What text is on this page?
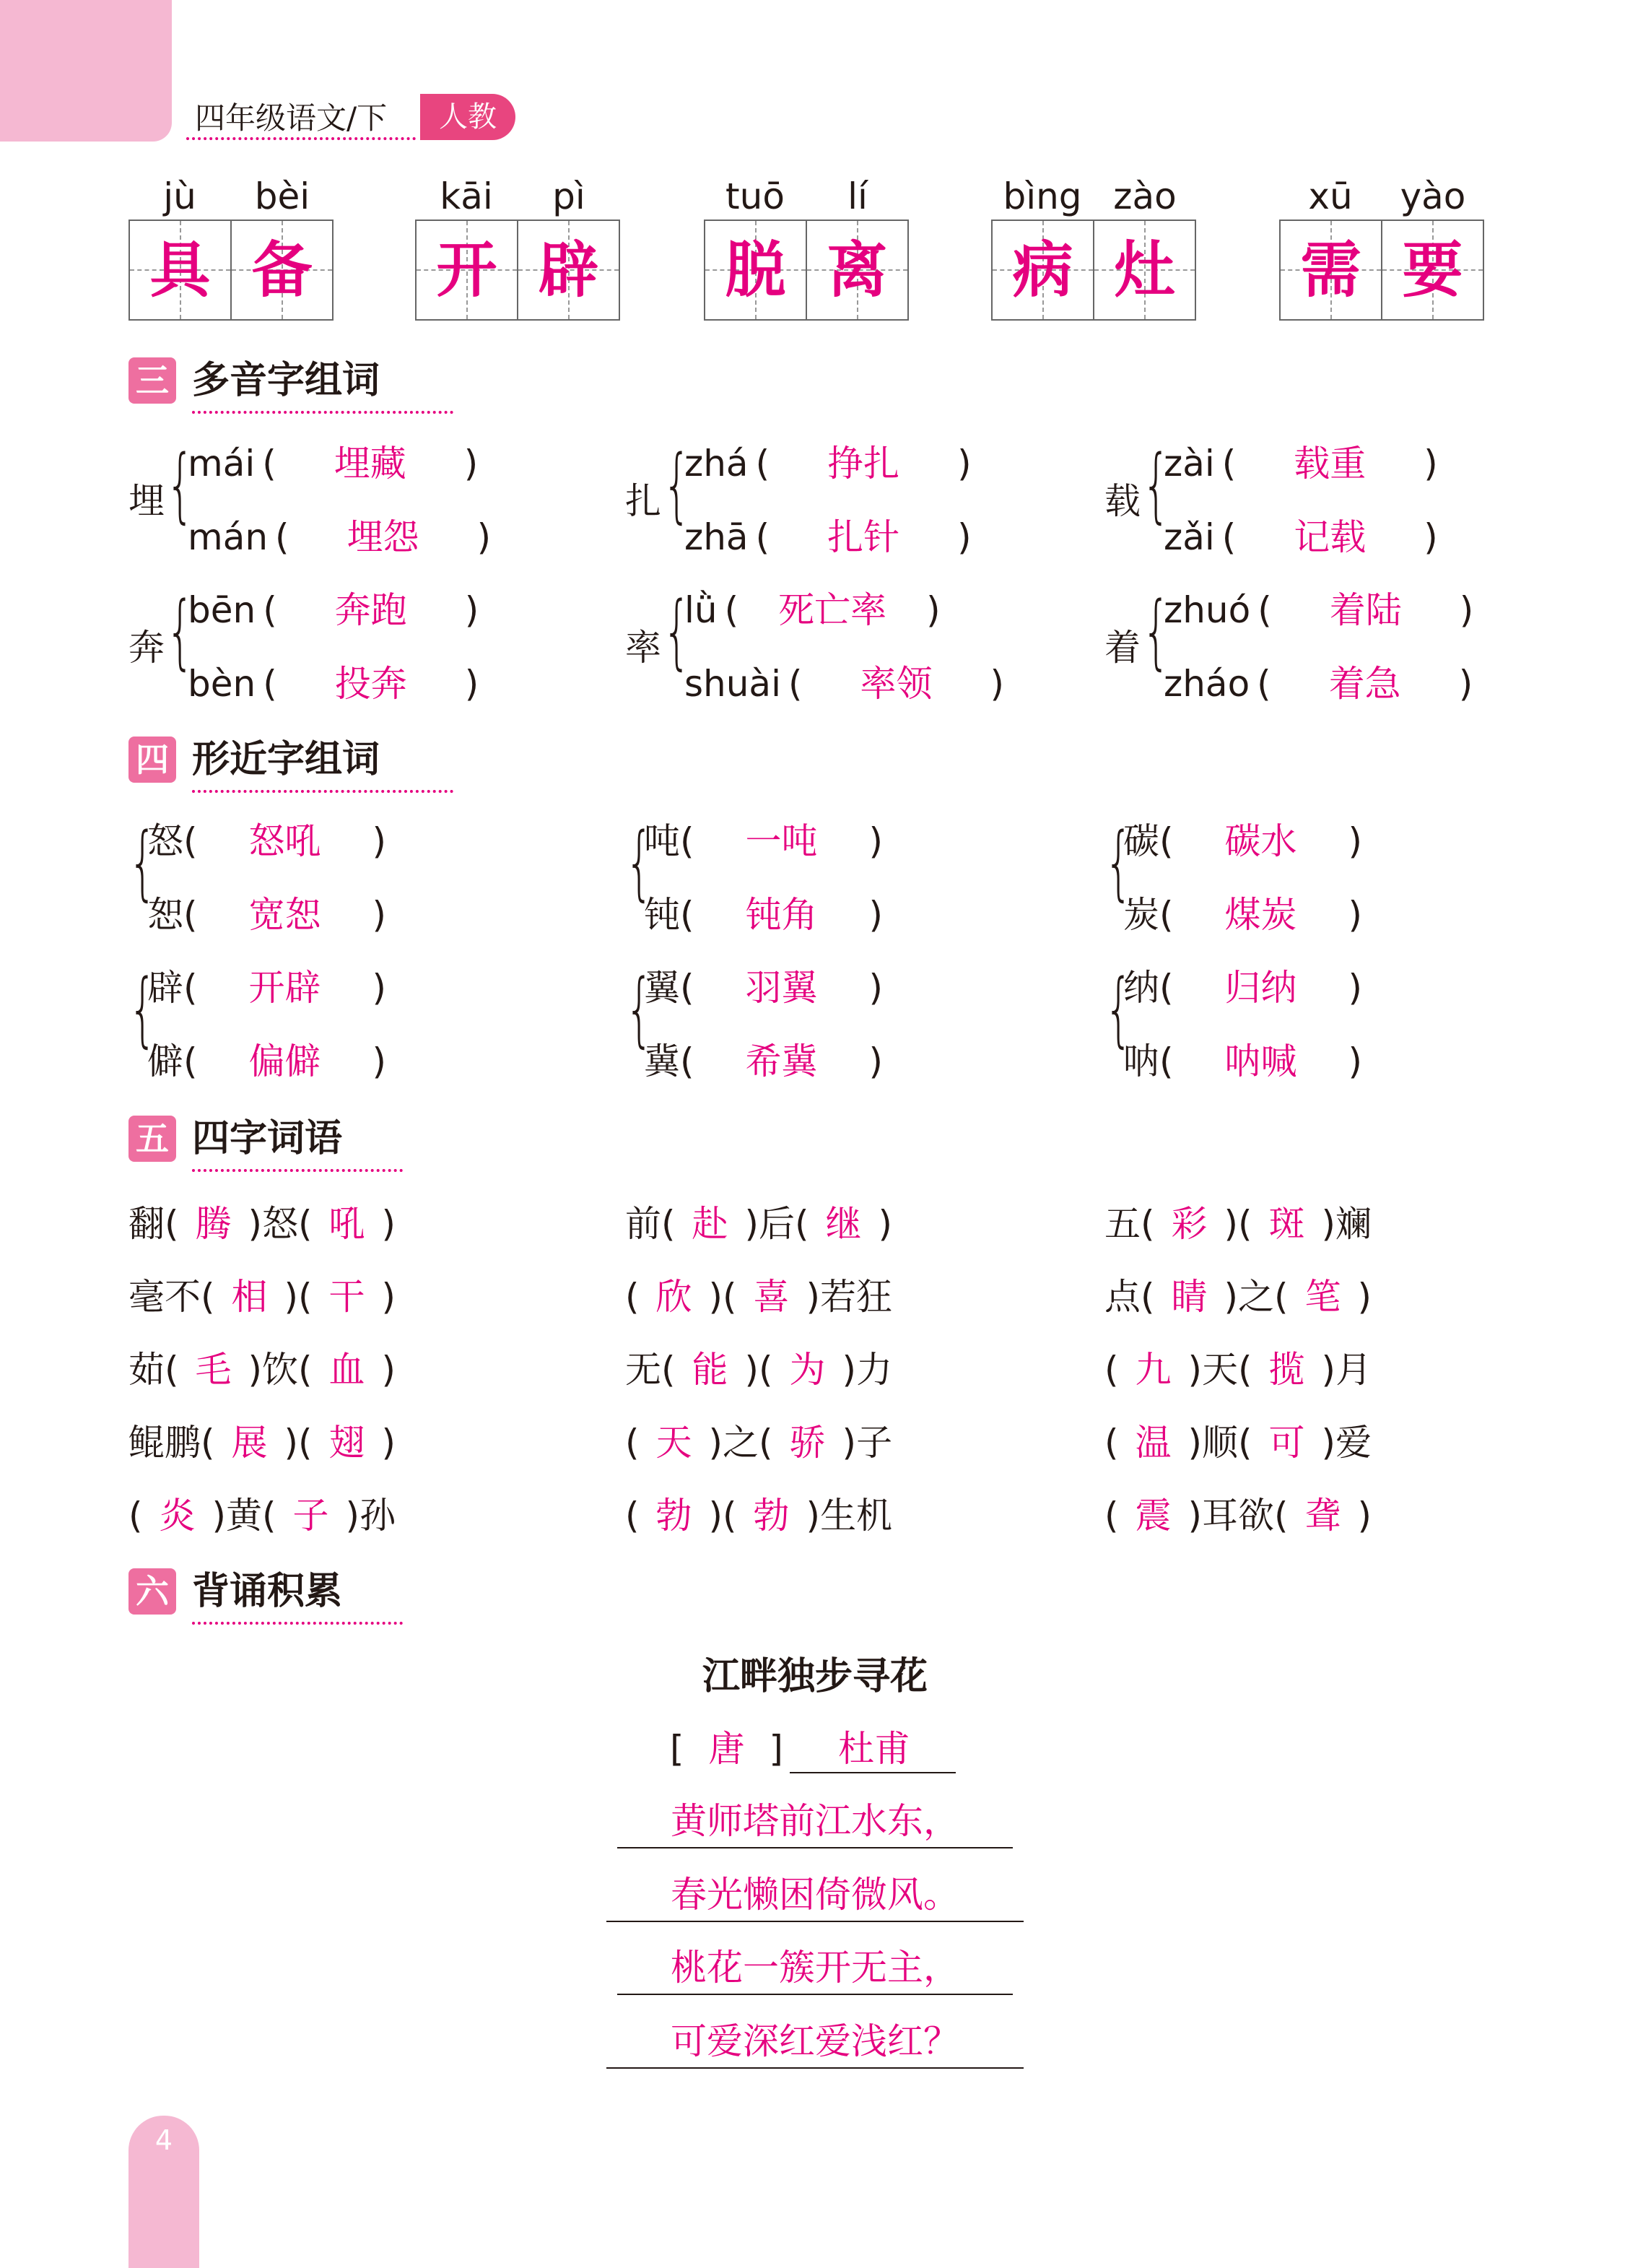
四年级语文/下	人教
jù	bèi
具 备
kāi	pì
开 辟
tuō	lí
脱 离
bìng zào
病 灶
xū	yào
需 要
三 多音字组词
埋 {
mái ( 埋藏 )
mán ( 埋怨 )
扎 {
zhá ( 挣扎 )
zhā ( 扎针 )
载 {
zài ( 载重 )
zǎi ( 记载 )
奔 {
bēn ( 奔跑 )
bèn ( 投奔 )
率 {
lǜ ( 死亡率 )
shuài ( 率领 )
着 {
zhuó ( 着陆 )
zháo ( 着急 )
四 形近字组词
{
怒( 怒吼 )
恕( 宽恕 )
{
吨( 一吨 )
钝( 钝角 )
{
碳( 碳水 )
炭( 煤炭 )
{
辟( 开辟 )
僻( 偏僻 )
{
翼( 羽翼 )
冀( 希冀 )
{
纳( 归纳 )
呐( 呐喊 )
五 四字词语
翻( 腾 )怒( 吼 )
毫不( 相 )( 干 )
茹( 毛 )饮( 血 )
鲲鹏( 展 )( 翅 )
( 炎 )黄( 子 )孙
前( 赴 )后( 继 )
( 欣 )( 喜 )若狂
无( 能 )( 为 )力
( 天 )之( 骄 )子
( 勃 )( 勃 )生机
五( 彩 )( 斑 )斓
点( 睛 )之( 笔 )
( 九 )天( 揽 )月
( 温 )顺( 可 )爱
( 震 )耳欲( 聋 )
六 背诵积累
江畔独步寻花
[ 唐 ]	杜甫
黄师塔前江水东，
春光懒困倚微风。
桃花一簇开无主，
可爱深红爱浅红？
4
